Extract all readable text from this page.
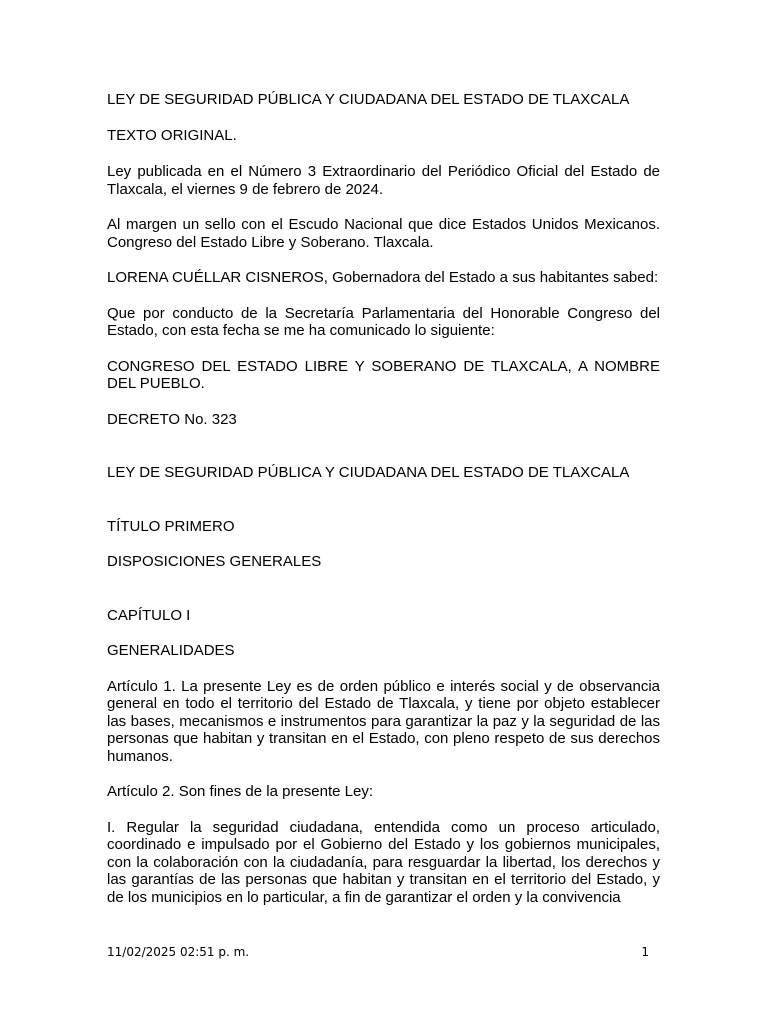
LEY DE SEGURIDAD PÚBLICA Y CIUDADANA DEL ESTADO DE TLAXCALA

TEXTO ORIGINAL.

Ley publicada en el Número 3 Extraordinario del Periódico Oficial del Estado de Tlaxcala, el viernes 9 de febrero de 2024.

Al margen un sello con el Escudo Nacional que dice Estados Unidos Mexicanos. Congreso del Estado Libre y Soberano. Tlaxcala.

LORENA CUÉLLAR CISNEROS, Gobernadora del Estado a sus habitantes sabed:

Que por conducto de la Secretaría Parlamentaria del Honorable Congreso del Estado, con esta fecha se me ha comunicado lo siguiente:

CONGRESO DEL ESTADO LIBRE Y SOBERANO DE TLAXCALA, A NOMBRE DEL PUEBLO.

DECRETO No. 323

LEY DE SEGURIDAD PÚBLICA Y CIUDADANA DEL ESTADO DE TLAXCALA

TÍTULO PRIMERO

DISPOSICIONES GENERALES

CAPÍTULO I

GENERALIDADES

Artículo 1. La presente Ley es de orden público e interés social y de observancia general en todo el territorio del Estado de Tlaxcala, y tiene por objeto establecer las bases, mecanismos e instrumentos para garantizar la paz y la seguridad de las personas que habitan y transitan en el Estado, con pleno respeto de sus derechos humanos.

Artículo 2. Son fines de la presente Ley:

I. Regular la seguridad ciudadana, entendida como un proceso articulado, coordinado e impulsado por el Gobierno del Estado y los gobiernos municipales, con la colaboración con la ciudadanía, para resguardar la libertad, los derechos y las garantías de las personas que habitan y transitan en el territorio del Estado, y de los municipios en lo particular, a fin de garantizar el orden y la convivencia

11/02/2025 02:51 p. m.	1
